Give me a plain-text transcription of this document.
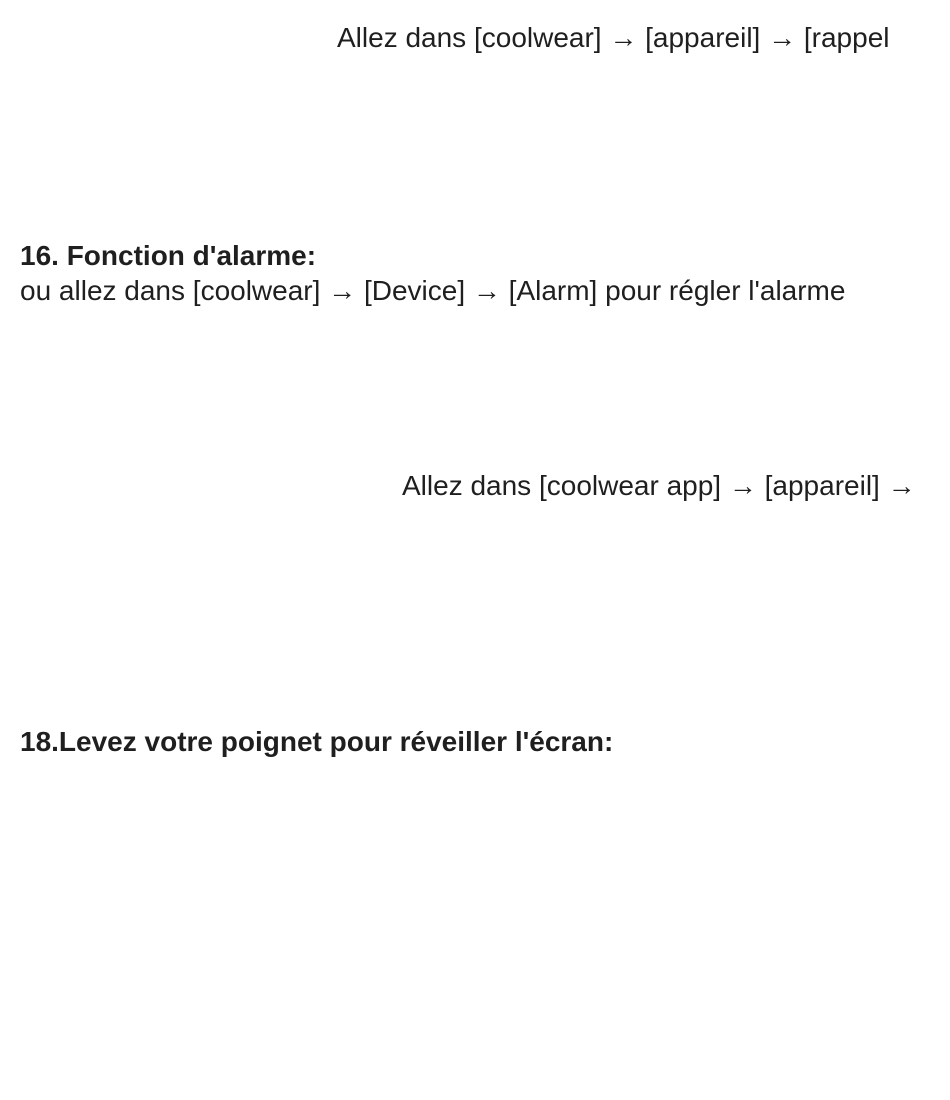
Allez dans [coolwear] → [appareil] → [rappel

16. Fonction d'alarme:

ou allez dans [coolwear] → [Device] → [Alarm] pour régler l'alarme

Allez dans [coolwear app] → [appareil] →

18.Levez votre poignet pour réveiller l'écran:
